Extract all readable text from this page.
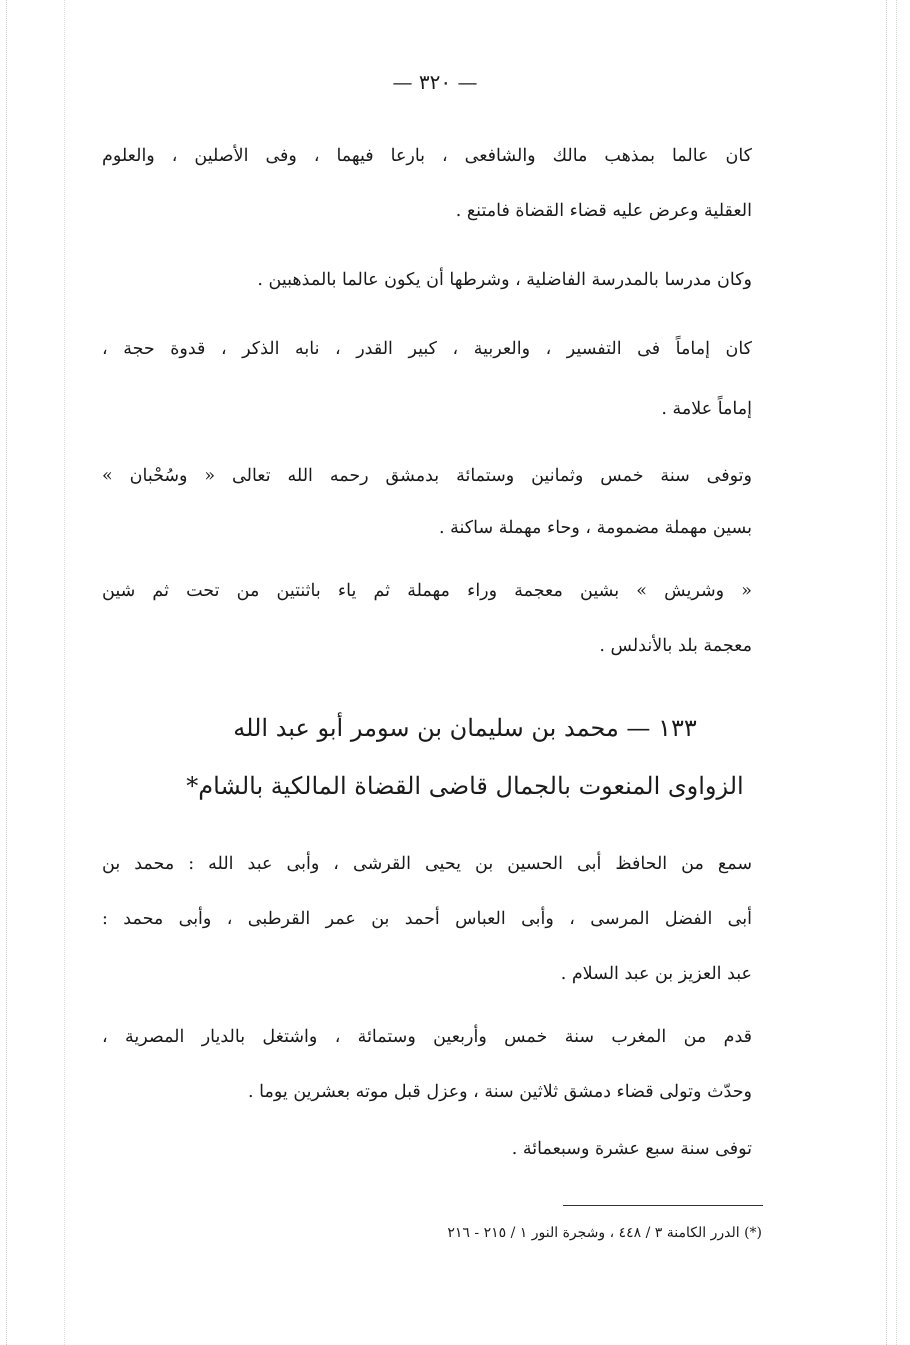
— ٣٢٠ —
كان عالما بمذهب مالك والشافعى ، بارعا فيهما ، وفى الأصلين ، والعلوم
العقلية وعرض عليه قضاء القضاة فامتنع .
وكان مدرسا بالمدرسة الفاضلية ، وشرطها أن يكون عالما بالمذهبين .
كان إماماً فى التفسير ، والعربية ، كبير القدر ، نابه الذكر ، قدوة حجة ،
إماماً علامة .
وتوفى سنة خمس وثمانين وستمائة بدمشق رحمه الله تعالى « وسُحْبان »
بسين مهملة مضمومة ، وحاء مهملة ساكنة .
« وشريش » بشين معجمة وراء مهملة ثم ياء باثنتين من تحت ثم شين
معجمة بلد بالأندلس .
١٣٣ — محمد بن سليمان بن سومر أبو عبد الله
الزواوى المنعوت بالجمال قاضى القضاة المالكية بالشام*
سمع من الحافظ أبى الحسين بن يحيى القرشى ، وأبى عبد الله : محمد بن
أبى الفضل المرسى ، وأبى العباس أحمد بن عمر القرطبى ، وأبى محمد :
عبد العزيز بن عبد السلام .
قدم من المغرب سنة خمس وأربعين وستمائة ، واشتغل بالديار المصرية ،
وحدّث وتولى قضاء دمشق ثلاثين سنة ، وعزل قبل موته بعشرين يوما .
توفى سنة سبع عشرة وسبعمائة .
(*) الدرر الكامنة ٣ / ٤٤٨ ، وشجرة النور ١ / ٢١٥ - ٢١٦
